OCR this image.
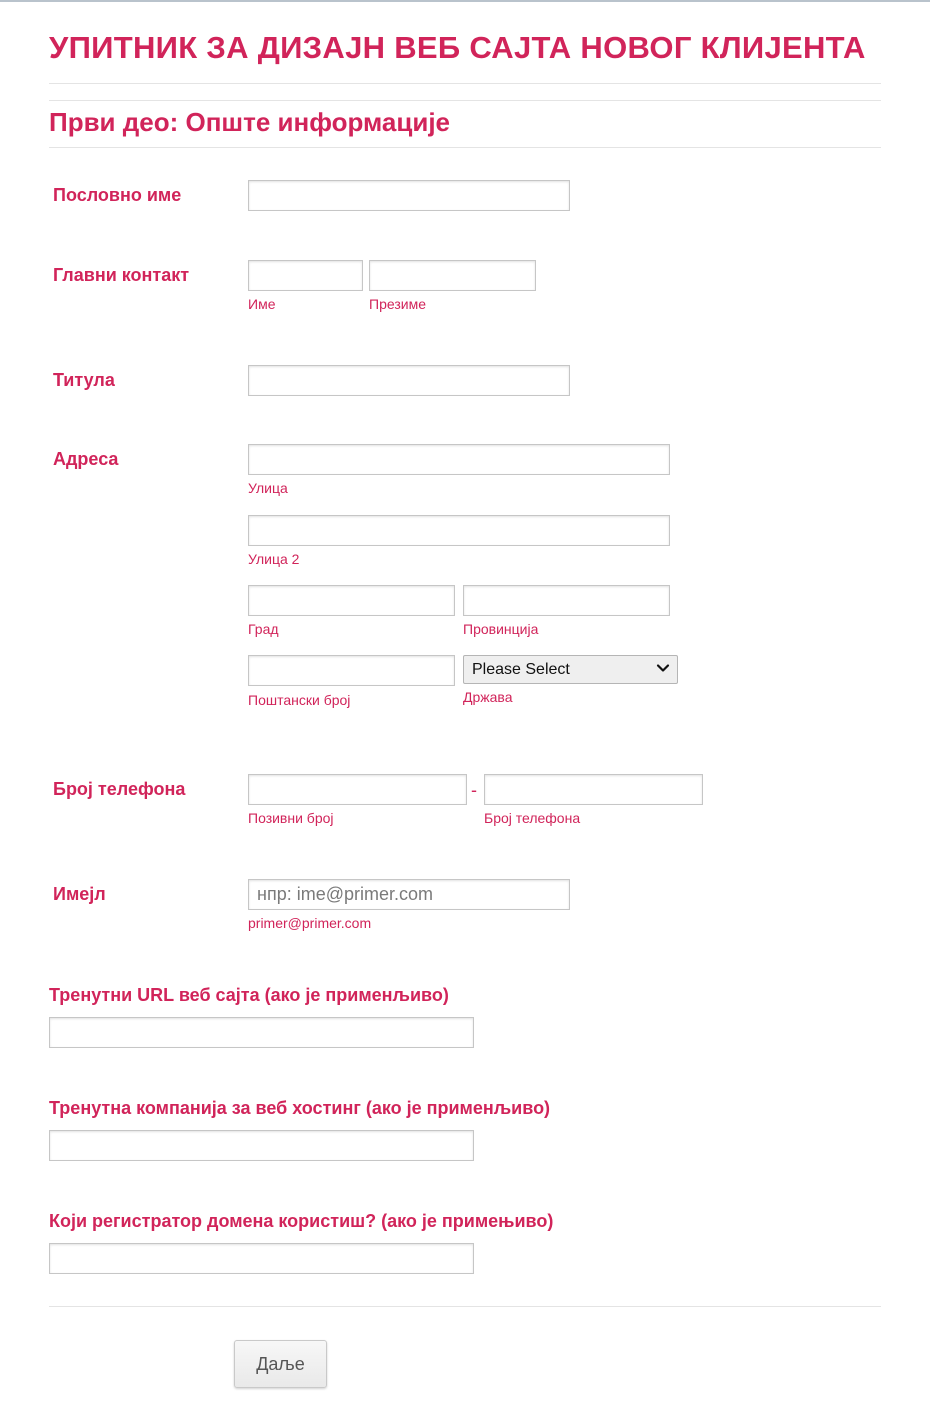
УПИТНИК ЗА ДИЗАЈН ВЕБ САЈТА НОВОГ КЛИЈЕНТА
Први део: Опште информације
Пословно име
Главни контакт
Име	Презиме
Титула
Адреса
Улица
Улица 2
Град	Провинција
Поштански број
Please Select
Држава
Број телефона
Позивни број
-
Број телефона
Имејл
нпр: ime@primer.com
primer@primer.com
Тренутни URL веб сајта (ако је применљиво)
Тренутна компанија за веб хостинг (ако је применљиво)
Који регистратор домена користиш? (ако је примењиво)
Даље
